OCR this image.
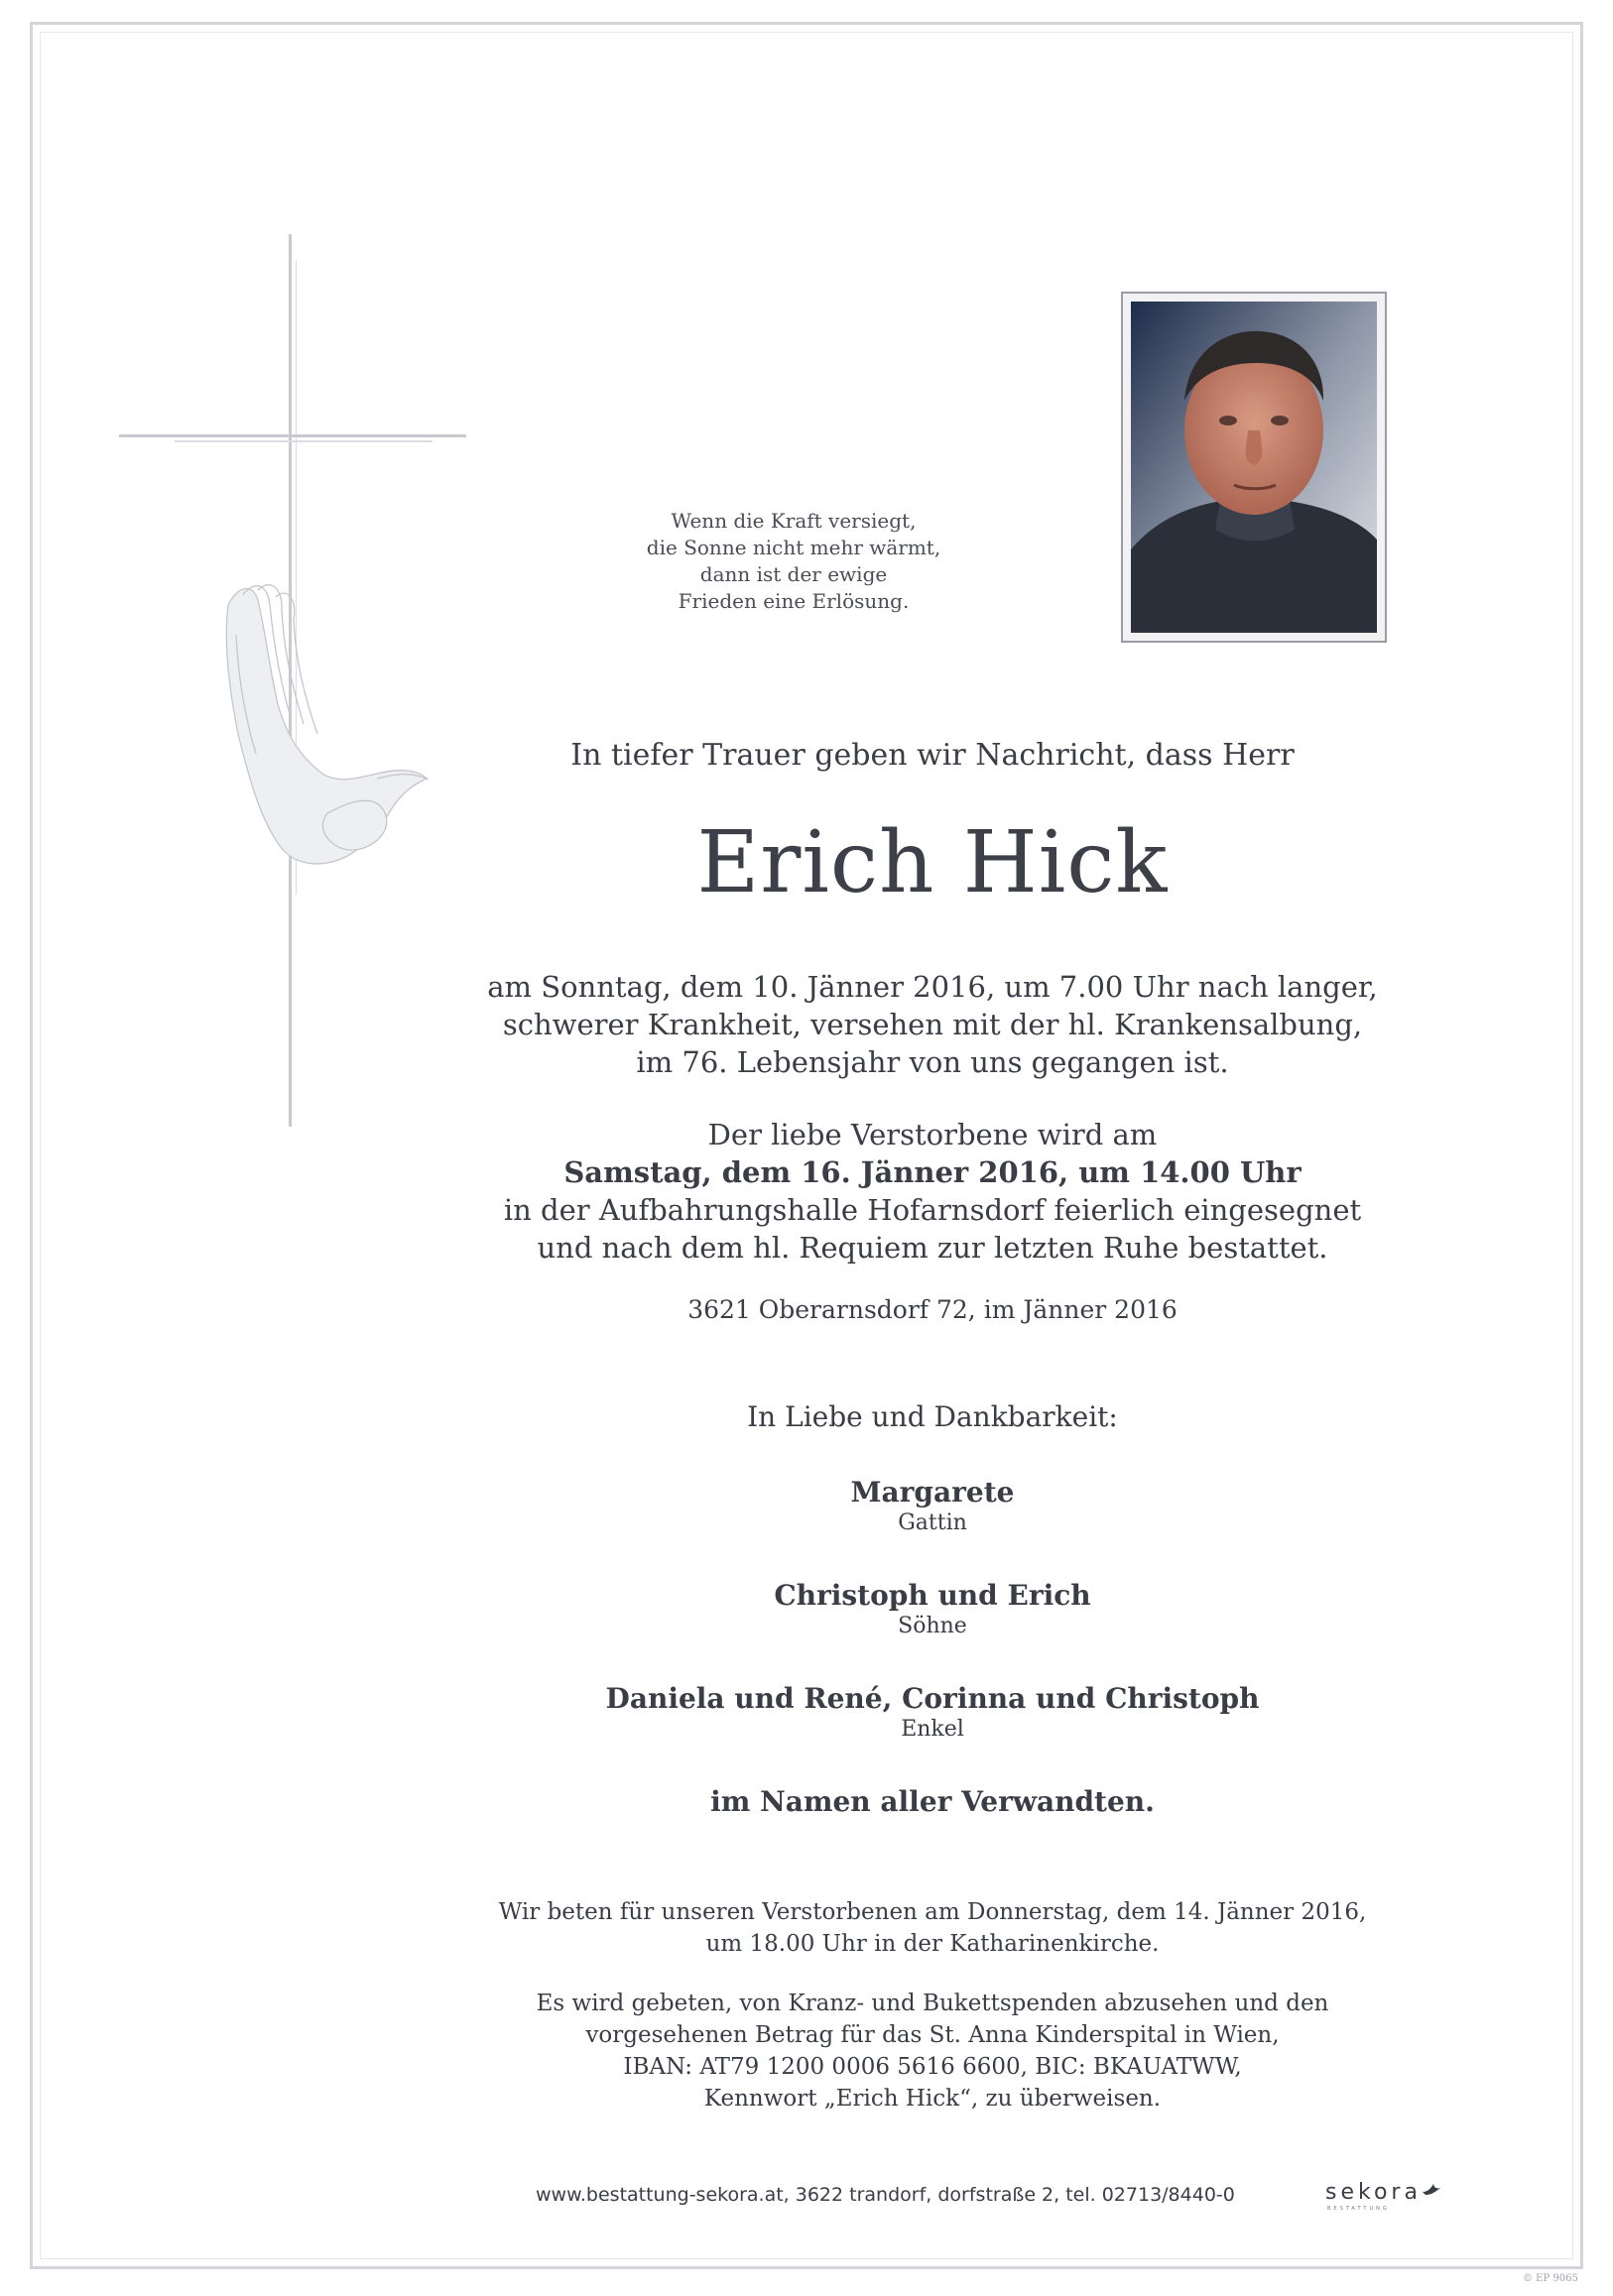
Wenn die Kraft versiegt,
die Sonne nicht mehr wärmt,
dann ist der ewige
Frieden eine Erlösung.
In tiefer Trauer geben wir Nachricht, dass Herr
Erich Hick
am Sonntag, dem 10. Jänner 2016, um 7.00 Uhr nach langer,
schwerer Krankheit, versehen mit der hl. Krankensalbung,
im 76. Lebensjahr von uns gegangen ist.
Der liebe Verstorbene wird am
Samstag, dem 16. Jänner 2016, um 14.00 Uhr
in der Aufbahrungshalle Hofarnsdorf feierlich eingesegnet
und nach dem hl. Requiem zur letzten Ruhe bestattet.
3621 Oberarnsdorf 72, im Jänner 2016
In Liebe und Dankbarkeit:
Margarete
Gattin
Christoph und Erich
Söhne
Daniela und René, Corinna und Christoph
Enkel
im Namen aller Verwandten.
Wir beten für unseren Verstorbenen am Donnerstag, dem 14. Jänner 2016,
um 18.00 Uhr in der Katharinenkirche.
Es wird gebeten, von Kranz- und Bukettspenden abzusehen und den
vorgesehenen Betrag für das St. Anna Kinderspital in Wien,
IBAN: AT79 1200 0006 5616 6600, BIC: BKAUATWW,
Kennwort „Erich Hick“, zu überweisen.
www.bestattung-sekora.at, 3622 trandorf, dorfstraße 2, tel. 02713/8440-0	sekora
BESTATTUNG
© EP 9065
